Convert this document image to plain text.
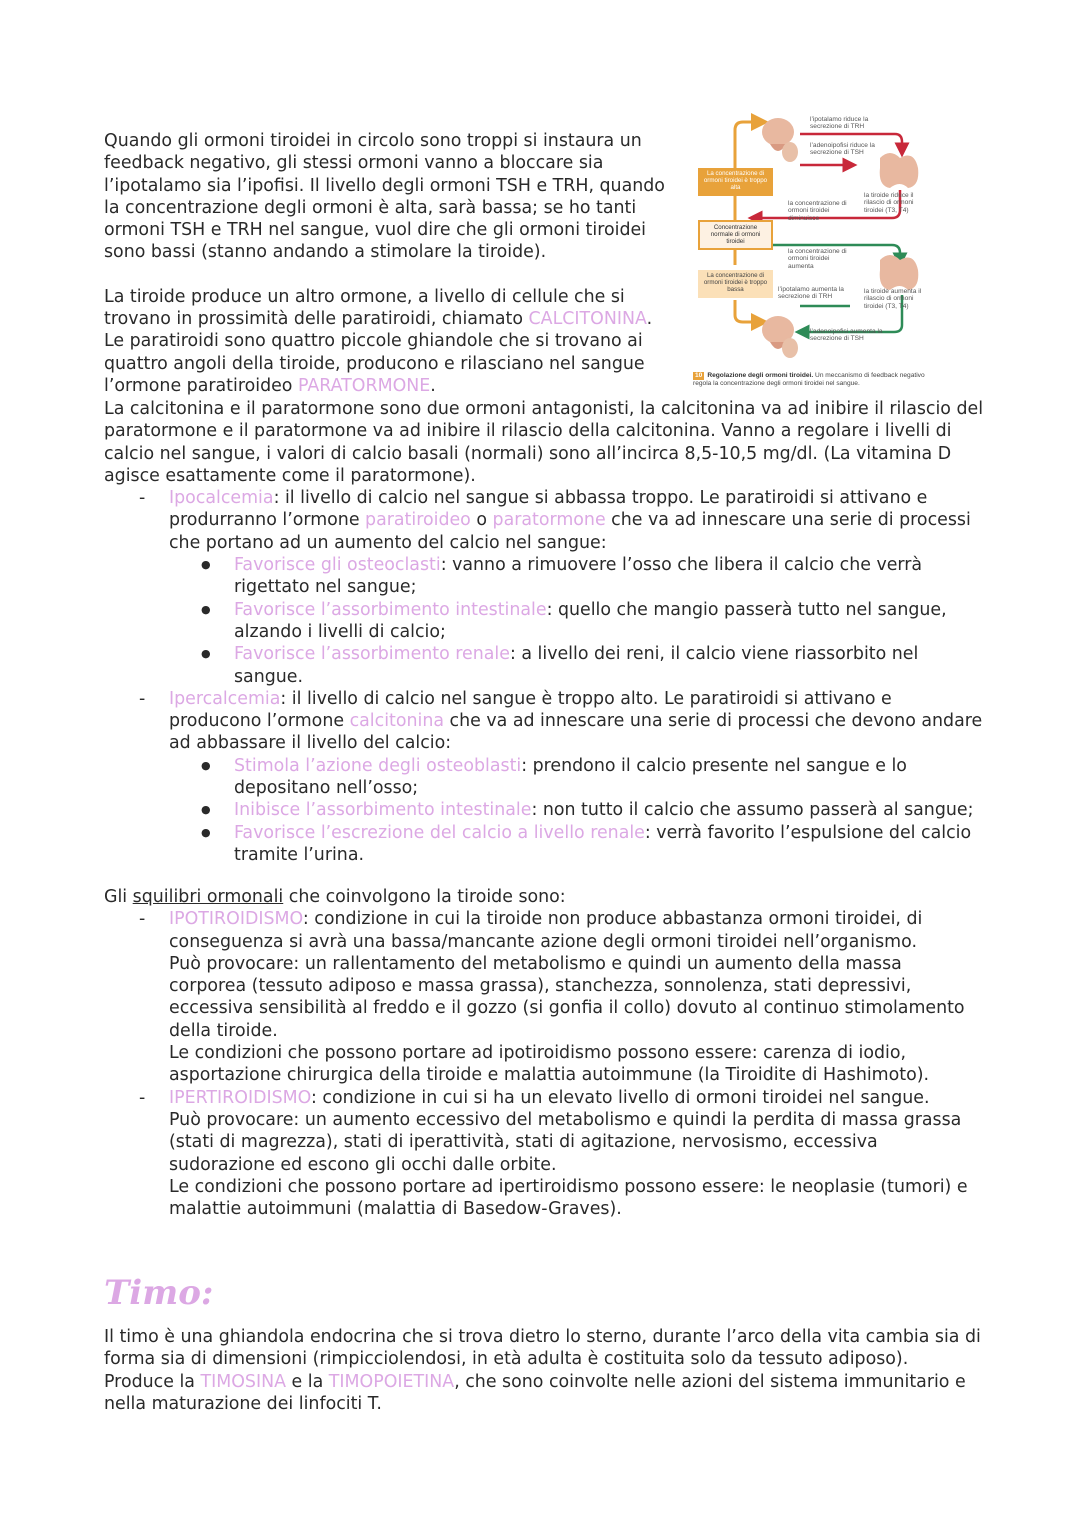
Quando gli ormoni tiroidei in circolo sono troppi si instaura un feedback negativo, gli stessi ormoni vanno a bloccare sia l’ipotalamo sia l’ipofisi. Il livello degli ormoni TSH e TRH, quando la concentrazione degli ormoni è alta, sarà bassa; se ho tanti ormoni TSH e TRH nel sangue, vuol dire che gli ormoni tiroidei sono bassi (stanno andando a stimolare la tiroide).

La tiroide produce un altro ormone, a livello di cellule che si trovano in prossimità delle paratiroidi, chiamato CALCITONINA.

Le paratiroidi sono quattro piccole ghiandole che si trovano ai quattro angoli della tiroide, producono e rilasciano nel sangue l’ormone paratiroideo PARATORMONE.

La concentrazione di ormoni tiroidei è troppo alta
Concentrazione normale di ormoni tiroidei
La concentrazione di ormoni tiroidei è troppo bassa
l’ipotalamo riduce la secrezione di TRH
l’adenoipofisi riduce la secrezione di TSH
la concentrazione di ormoni tiroidei diminuisce
la tiroide riduce il rilascio di ormoni tiroidei (T3, T4)
la concentrazione di ormoni tiroidei aumenta
l’ipotalamo aumenta la secrezione di TRH
la tiroide aumenta il rilascio di ormoni tiroidei (T3, T4)
l’adenoipofisi aumenta la secrezione di TSH
10 Regolazione degli ormoni tiroidei. Un meccanismo di feedback negativo regola la concentrazione degli ormoni tiroidei nel sangue.

La calcitonina e il paratormone sono due ormoni antagonisti, la calcitonina va ad inibire il rilascio del paratormone e il paratormone va ad inibire il rilascio della calcitonina. Vanno a regolare i livelli di calcio nel sangue, i valori di calcio basali (normali) sono all’incirca 8,5-10,5 mg/dl. (La vitamina D agisce esattamente come il paratormone).

- Ipocalcemia: il livello di calcio nel sangue si abbassa troppo. Le paratiroidi si attivano e produrranno l’ormone paratiroideo o paratormone che va ad innescare una serie di processi che portano ad un aumento del calcio nel sangue:
● Favorisce gli osteoclasti: vanno a rimuovere l’osso che libera il calcio che verrà rigettato nel sangue;
● Favorisce l’assorbimento intestinale: quello che mangio passerà tutto nel sangue, alzando i livelli di calcio;
● Favorisce l’assorbimento renale: a livello dei reni, il calcio viene riassorbito nel sangue.
- Ipercalcemia: il livello di calcio nel sangue è troppo alto. Le paratiroidi si attivano e producono l’ormone calcitonina che va ad innescare una serie di processi che devono andare ad abbassare il livello del calcio:
● Stimola l’azione degli osteoblasti: prendono il calcio presente nel sangue e lo depositano nell’osso;
● Inibisce l’assorbimento intestinale: non tutto il calcio che assumo passerà al sangue;
● Favorisce l’escrezione del calcio a livello renale: verrà favorito l’espulsione del calcio tramite l’urina.

Gli squilibri ormonali che coinvolgono la tiroide sono:

- IPOTIROIDISMO: condizione in cui la tiroide non produce abbastanza ormoni tiroidei, di conseguenza si avrà una bassa/mancante azione degli ormoni tiroidei nell’organismo.
Può provocare: un rallentamento del metabolismo e quindi un aumento della massa corporea (tessuto adiposo e massa grassa), stanchezza, sonnolenza, stati depressivi, eccessiva sensibilità al freddo e il gozzo (si gonfia il collo) dovuto al continuo stimolamento della tiroide.
Le condizioni che possono portare ad ipotiroidismo possono essere: carenza di iodio, asportazione chirurgica della tiroide e malattia autoimmune (la Tiroidite di Hashimoto).
- IPERTIROIDISMO: condizione in cui si ha un elevato livello di ormoni tiroidei nel sangue.
Può provocare: un aumento eccessivo del metabolismo e quindi la perdita di massa grassa (stati di magrezza), stati di iperattività, stati di agitazione, nervosismo, eccessiva sudorazione ed escono gli occhi dalle orbite.
Le condizioni che possono portare ad ipertiroidismo possono essere: le neoplasie (tumori) e malattie autoimmuni (malattia di Basedow-Graves).
Timo:

Il timo è una ghiandola endocrina che si trova dietro lo sterno, durante l’arco della vita cambia sia di forma sia di dimensioni (rimpicciolendosi, in età adulta è costituita solo da tessuto adiposo).

Produce la TIMOSINA e la TIMOPOIETINA, che sono coinvolte nelle azioni del sistema immunitario e nella maturazione dei linfociti T.
